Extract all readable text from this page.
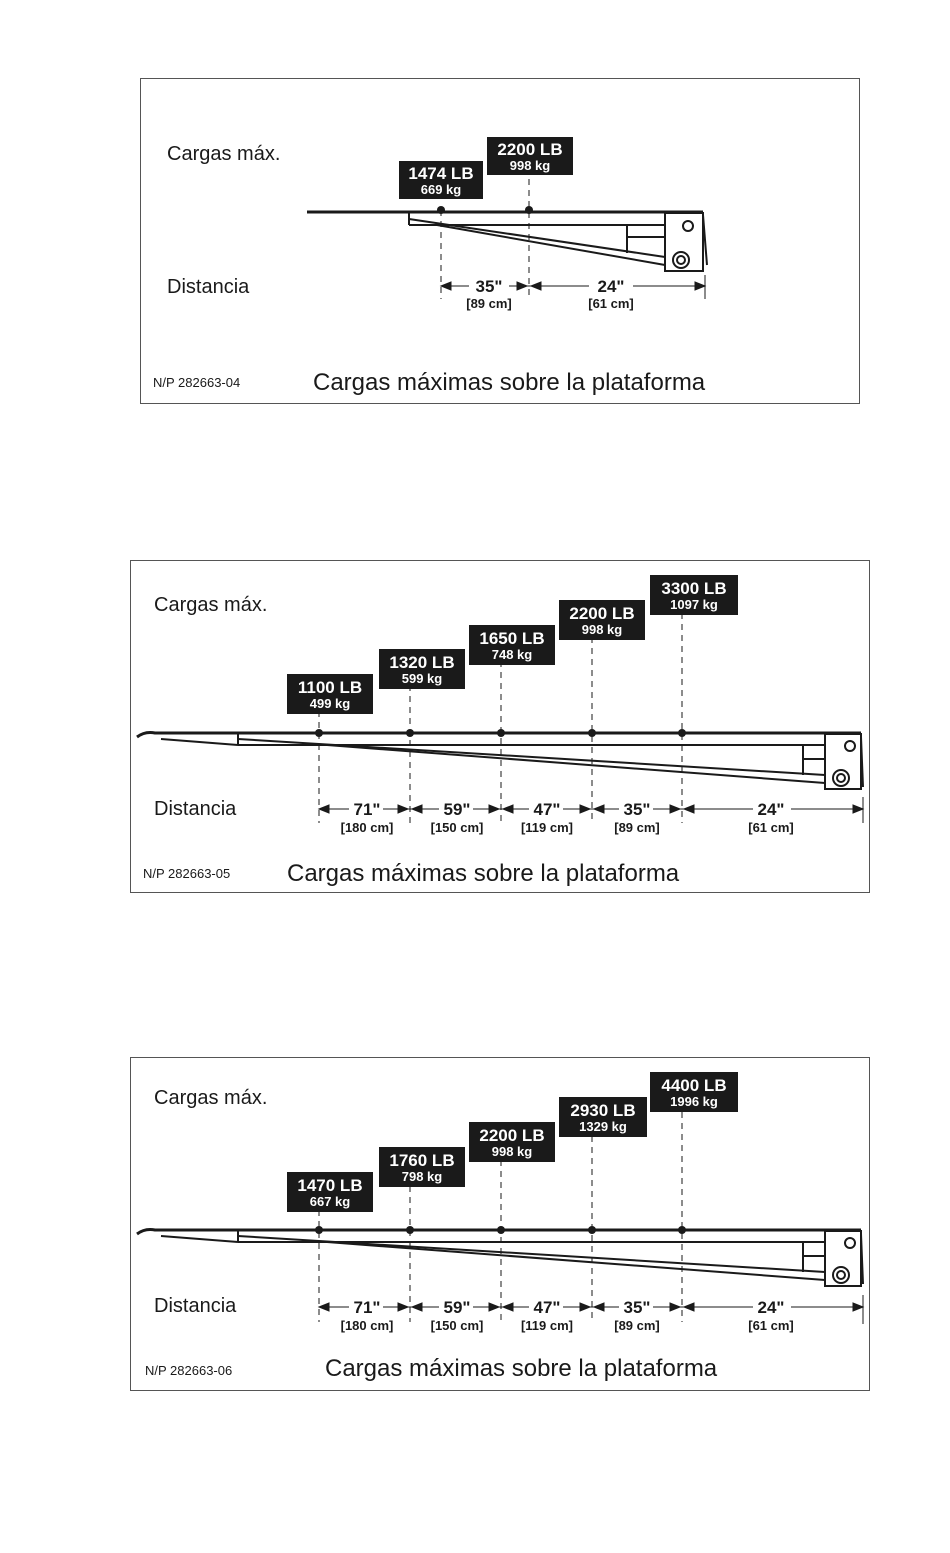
Cargas máx.
Distancia
1474 LB
669 kg
2200 LB
998 kg
35"
[89 cm]
24"
[61 cm]
N/P 282663-04	Cargas máximas sobre la plataforma
Cargas máx.
Distancia
1100 LB
499 kg
1320 LB
599 kg
1650 LB
748 kg
2200 LB
998 kg
3300 LB
1097 kg
71"
[180 cm]
59"
[150 cm]
47"
[119 cm]
35"
[89 cm]
24"
[61 cm]
N/P 282663-05 Cargas máximas sobre la plataforma
Cargas máx.
Distancia
1470 LB
667 kg
1760 LB
798 kg
2200 LB
998 kg
2930 LB
1329 kg
4400 LB
1996 kg
71"
[180 cm]
59"
[150 cm]
47"
[119 cm]
35"
[89 cm]
24"
[61 cm]
N/P 282663-06	Cargas máximas sobre la plataforma
